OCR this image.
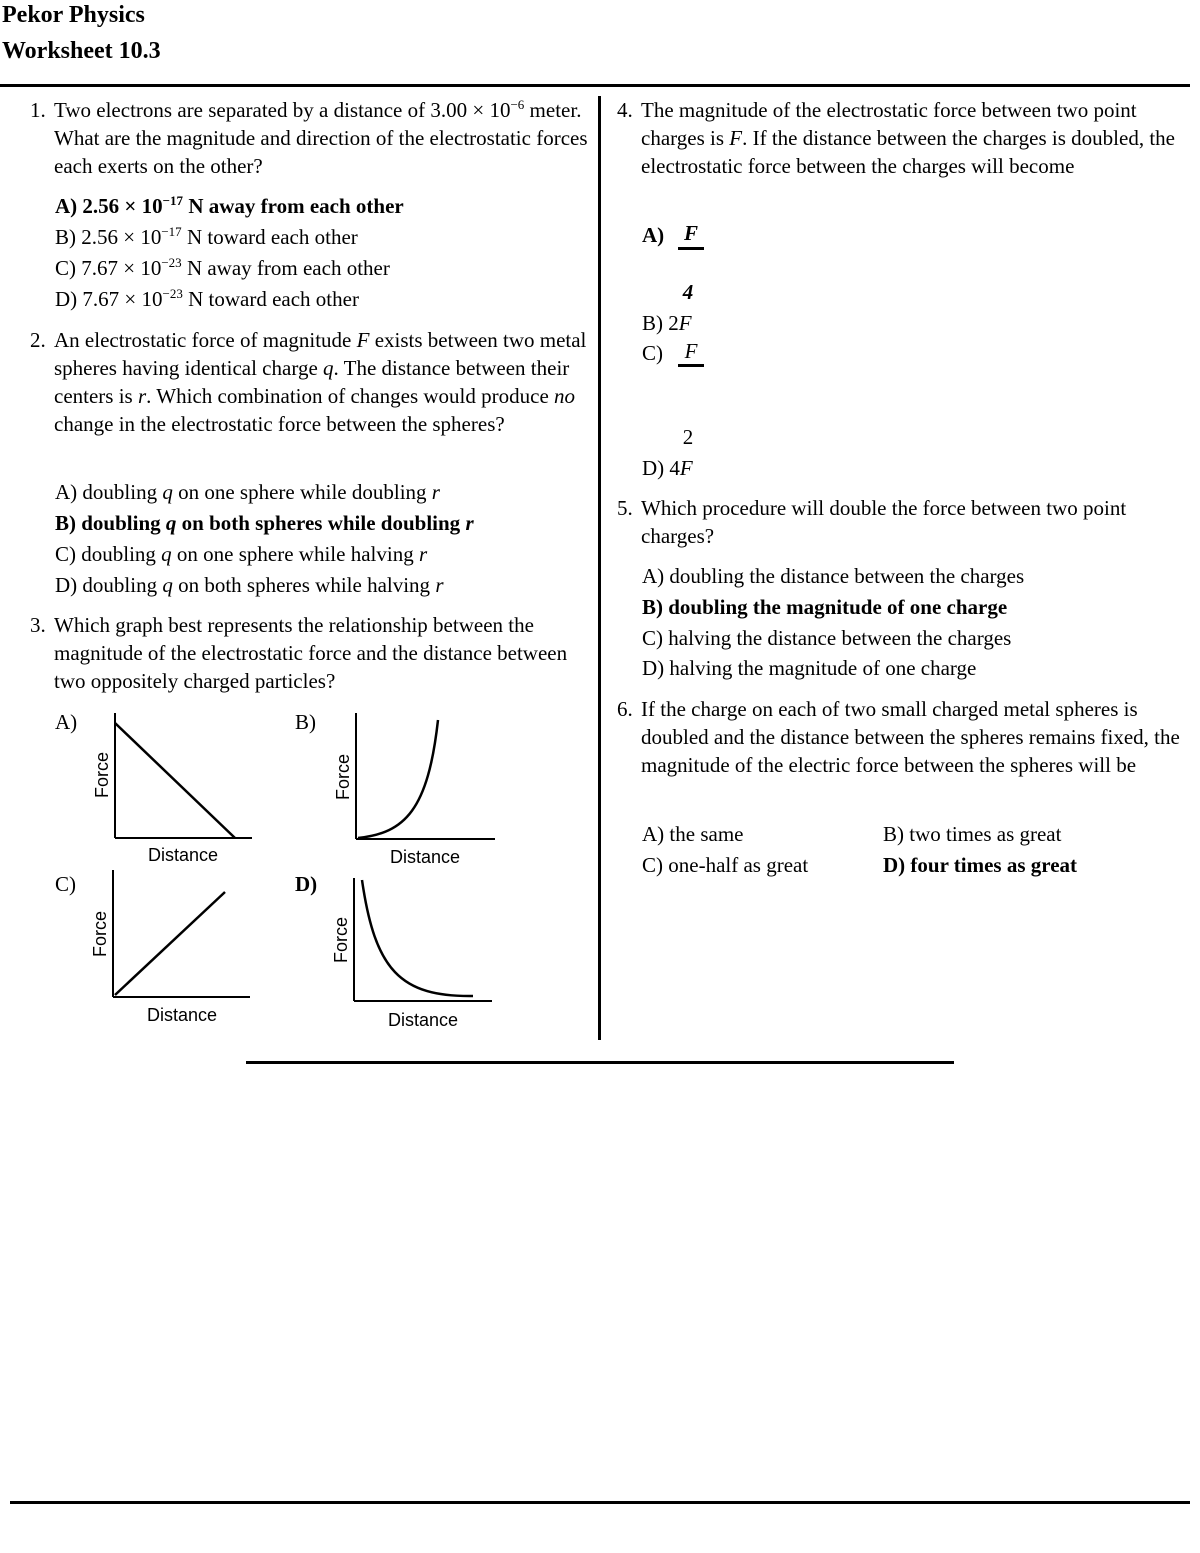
Pekor Physics
Worksheet 10.3
1. Two electrons are separated by a distance of $3.00 \times 10^{-6}$ meter. What are the magnitude and direction of the electrostatic forces each exerts on the other?
A) $2.56 \times 10^{-17}$ N away from each other
B) $2.56 \times 10^{-17}$ N toward each other
C) $7.67 \times 10^{-23}$ N away from each other
D) $7.67 \times 10^{-23}$ N toward each other
2. An electrostatic force of magnitude F exists between two metal spheres having identical charge q. The distance between their centers is r. Which combination of changes would produce no change in the electrostatic force between the spheres?
A) doubling q on one sphere while doubling r
B) doubling q on both spheres while doubling r
C) doubling q on one sphere while halving r
D) doubling q on both spheres while halving r
3. Which graph best represents the relationship between the magnitude of the electrostatic force and the distance between two oppositely charged particles?
A)
Force
Distance
B)
Force
Distance
C)
Force
Distance
D)
Force
Distance
4. The magnitude of the electrostatic force between two point charges is F. If the distance between the charges is doubled, the electrostatic force between the charges will become
A) F
4
B) 2F
C)	F
2
D) 4F
5. Which procedure will double the force between two point charges?
A) doubling the distance between the charges
B) doubling the magnitude of one charge
C) halving the distance between the charges
D) halving the magnitude of one charge
6. If the charge on each of two small charged metal spheres is doubled and the distance between the spheres remains fixed, the magnitude of the electric force between the spheres will be
A) the same	B) two times as great
C) one-half as great	D) four times as great
